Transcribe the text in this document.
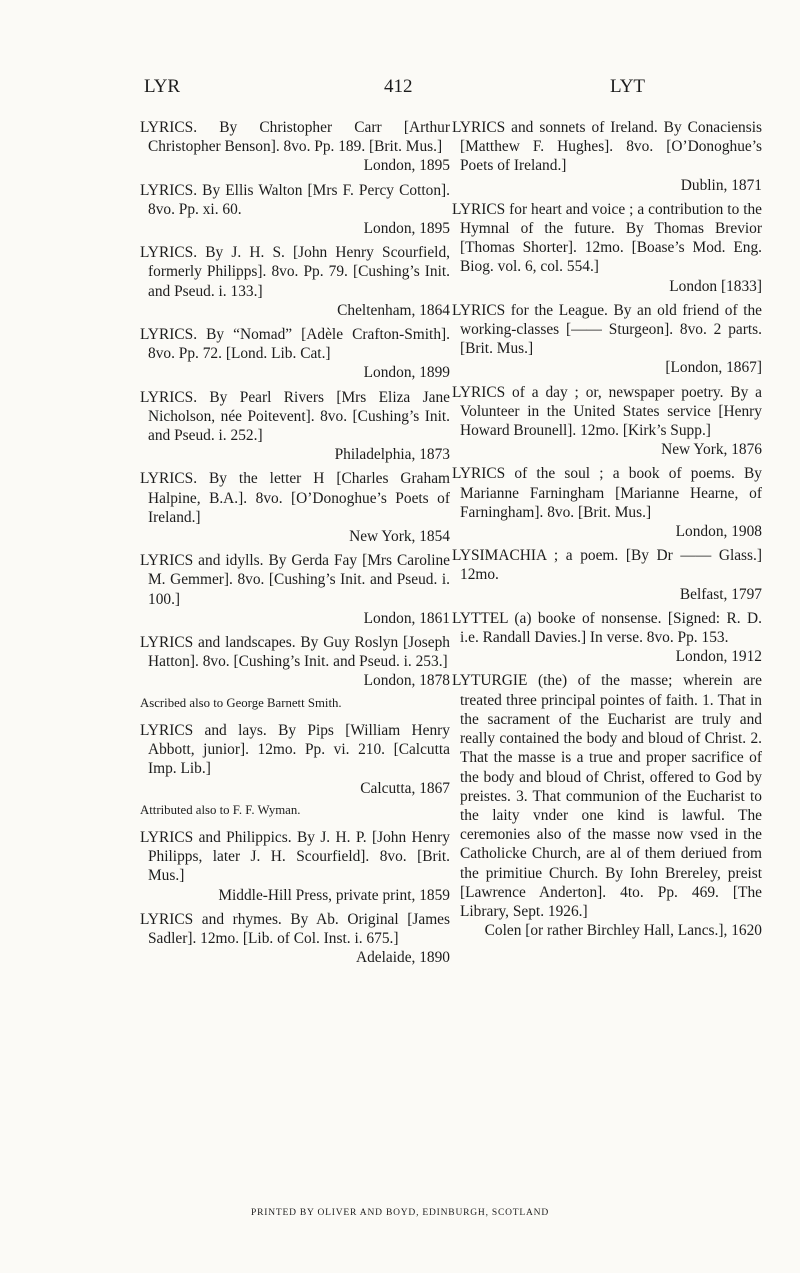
LYR	412	LYT
LYRICS. By Christopher Carr [Arthur Christopher Benson]. 8vo. Pp. 189. [Brit. Mus.]
London, 1895
LYRICS. By Ellis Walton [Mrs F. Percy Cotton]. 8vo. Pp. xi. 60.
London, 1895
LYRICS. By J. H. S. [John Henry Scourfield, formerly Philipps]. 8vo. Pp. 79. [Cushing’s Init. and Pseud. i. 133.]
Cheltenham, 1864
LYRICS. By “Nomad” [Adèle Crafton-Smith]. 8vo. Pp. 72. [Lond. Lib. Cat.]
London, 1899
LYRICS. By Pearl Rivers [Mrs Eliza Jane Nicholson, née Poitevent]. 8vo. [Cushing’s Init. and Pseud. i. 252.]
Philadelphia, 1873
LYRICS. By the letter H [Charles Graham Halpine, B.A.]. 8vo. [O’Donoghue’s Poets of Ireland.]
New York, 1854
LYRICS and idylls. By Gerda Fay [Mrs Caroline M. Gemmer]. 8vo. [Cushing’s Init. and Pseud. i. 100.]
London, 1861
LYRICS and landscapes. By Guy Roslyn [Joseph Hatton]. 8vo. [Cushing’s Init. and Pseud. i. 253.]
London, 1878
Ascribed also to George Barnett Smith.
LYRICS and lays. By Pips [William Henry Abbott, junior]. 12mo. Pp. vi. 210. [Calcutta Imp. Lib.]
Calcutta, 1867
Attributed also to F. F. Wyman.
LYRICS and Philippics. By J. H. P. [John Henry Philipps, later J. H. Scourfield]. 8vo. [Brit. Mus.]
Middle-Hill Press, private print, 1859
LYRICS and rhymes. By Ab. Original [James Sadler]. 12mo. [Lib. of Col. Inst. i. 675.]
Adelaide, 1890
LYRICS and sonnets of Ireland. By Conaciensis [Matthew F. Hughes]. 8vo. [O’Donoghue’s Poets of Ireland.]
Dublin, 1871
LYRICS for heart and voice ; a contribution to the Hymnal of the future. By Thomas Brevior [Thomas Shorter]. 12mo. [Boase’s Mod. Eng. Biog. vol. 6, col. 554.]
London [1833]
LYRICS for the League. By an old friend of the working-classes [—— Sturgeon]. 8vo. 2 parts. [Brit. Mus.]
[London, 1867]
LYRICS of a day ; or, newspaper poetry. By a Volunteer in the United States service [Henry Howard Brounell]. 12mo. [Kirk’s Supp.]
New York, 1876
LYRICS of the soul ; a book of poems. By Marianne Farningham [Marianne Hearne, of Farningham]. 8vo. [Brit. Mus.]
London, 1908
LYSIMACHIA ; a poem. [By Dr —— Glass.] 12mo.
Belfast, 1797
LYTTEL (a) booke of nonsense. [Signed: R. D. i.e. Randall Davies.] In verse. 8vo. Pp. 153.
London, 1912
LYTURGIE (the) of the masse; wherein are treated three principal pointes of faith. 1. That in the sacrament of the Eucharist are truly and really contained the body and bloud of Christ. 2. That the masse is a true and proper sacrifice of the body and bloud of Christ, offered to God by preistes. 3. That communion of the Eucharist to the laity vnder one kind is lawful. The ceremonies also of the masse now vsed in the Catholicke Church, are al of them deriued from the primitiue Church. By Iohn Brereley, preist [Lawrence Anderton]. 4to. Pp. 469. [The Library, Sept. 1926.]
Colen [or rather Birchley Hall, Lancs.], 1620
PRINTED BY OLIVER AND BOYD, EDINBURGH, SCOTLAND
